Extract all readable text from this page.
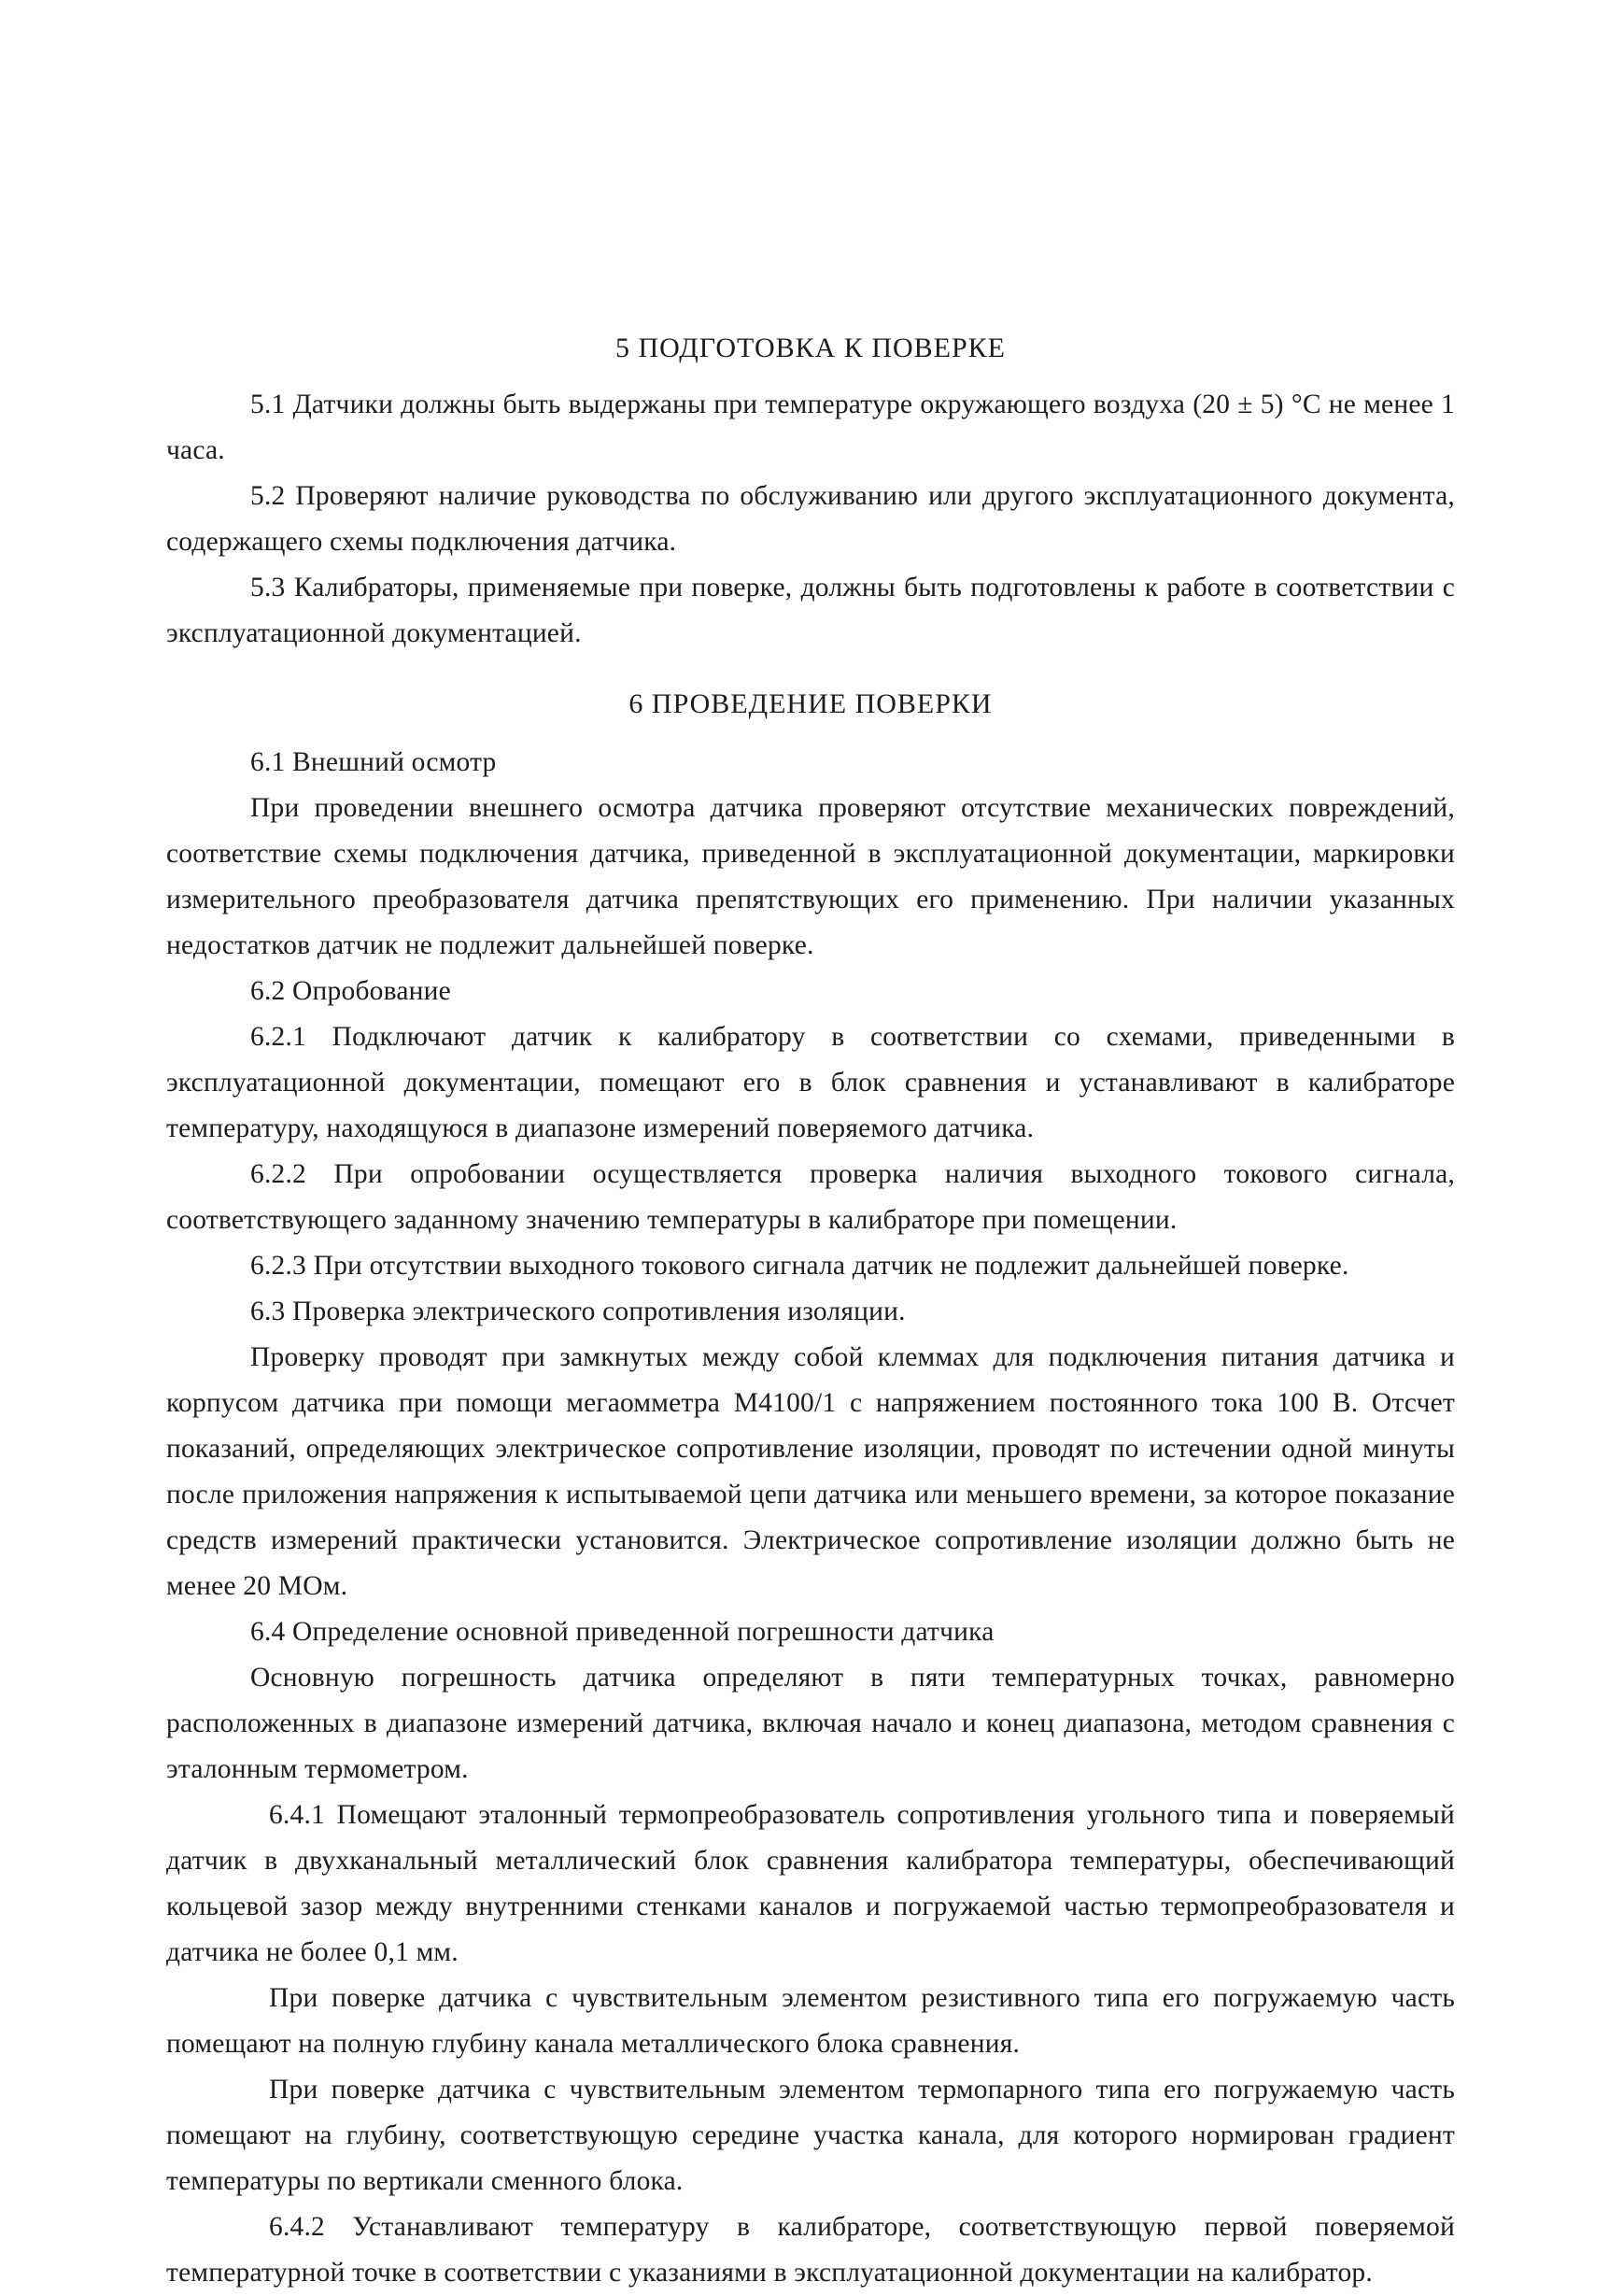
5 ПОДГОТОВКА К ПОВЕРКЕ

5.1 Датчики должны быть выдержаны при температуре окружающего воздуха (20 ± 5) °С не менее 1 часа.

5.2 Проверяют наличие руководства по обслуживанию или другого эксплуатационного документа, содержащего схемы подключения датчика.

5.3 Калибраторы, применяемые при поверке, должны быть подготовлены к работе в соответствии с эксплуатационной документацией.

6 ПРОВЕДЕНИЕ ПОВЕРКИ

6.1 Внешний осмотр

При проведении внешнего осмотра датчика проверяют отсутствие механических повреждений, соответствие схемы подключения датчика, приведенной в эксплуатационной документации, маркировки измерительного преобразователя датчика препятствующих его применению. При наличии указанных недостатков датчик не подлежит дальнейшей поверке.

6.2 Опробование

6.2.1 Подключают датчик к калибратору в соответствии со схемами, приведенными в эксплуатационной документации, помещают его в блок сравнения и устанавливают в калибраторе температуру, находящуюся в диапазоне измерений поверяемого датчика.

6.2.2 При опробовании осуществляется проверка наличия выходного токового сигнала, соответствующего заданному значению температуры в калибраторе при помещении.

6.2.3 При отсутствии выходного токового сигнала датчик не подлежит дальнейшей поверке.

6.3 Проверка электрического сопротивления изоляции.

Проверку проводят при замкнутых между собой клеммах для подключения питания датчика и корпусом датчика при помощи мегаомметра М4100/1 с напряжением постоянного тока 100 В. Отсчет показаний, определяющих электрическое сопротивление изоляции, проводят по истечении одной минуты после приложения напряжения к испытываемой цепи датчика или меньшего времени, за которое показание средств измерений практически установится. Электрическое сопротивление изоляции должно быть не менее 20 МОм.

6.4 Определение основной приведенной погрешности датчика

Основную погрешность датчика определяют в пяти температурных точках, равномерно расположенных в диапазоне измерений датчика, включая начало и конец диапазона, методом сравнения с эталонным термометром.

6.4.1 Помещают эталонный термопреобразователь сопротивления угольного типа и поверяемый датчик в двухканальный металлический блок сравнения калибратора температуры, обеспечивающий кольцевой зазор между внутренними стенками каналов и погружаемой частью термопреобразователя и датчика не более 0,1 мм.

При поверке датчика с чувствительным элементом резистивного типа его погружаемую часть помещают на полную глубину канала металлического блока сравнения.

При поверке датчика с чувствительным элементом термопарного типа его погружаемую часть помещают на глубину, соответствующую середине участка канала, для которого нормирован градиент температуры по вертикали сменного блока.

6.4.2 Устанавливают температуру в калибраторе, соответствующую первой поверяемой температурной точке в соответствии с указаниями в эксплуатационной документации на калибратор.
